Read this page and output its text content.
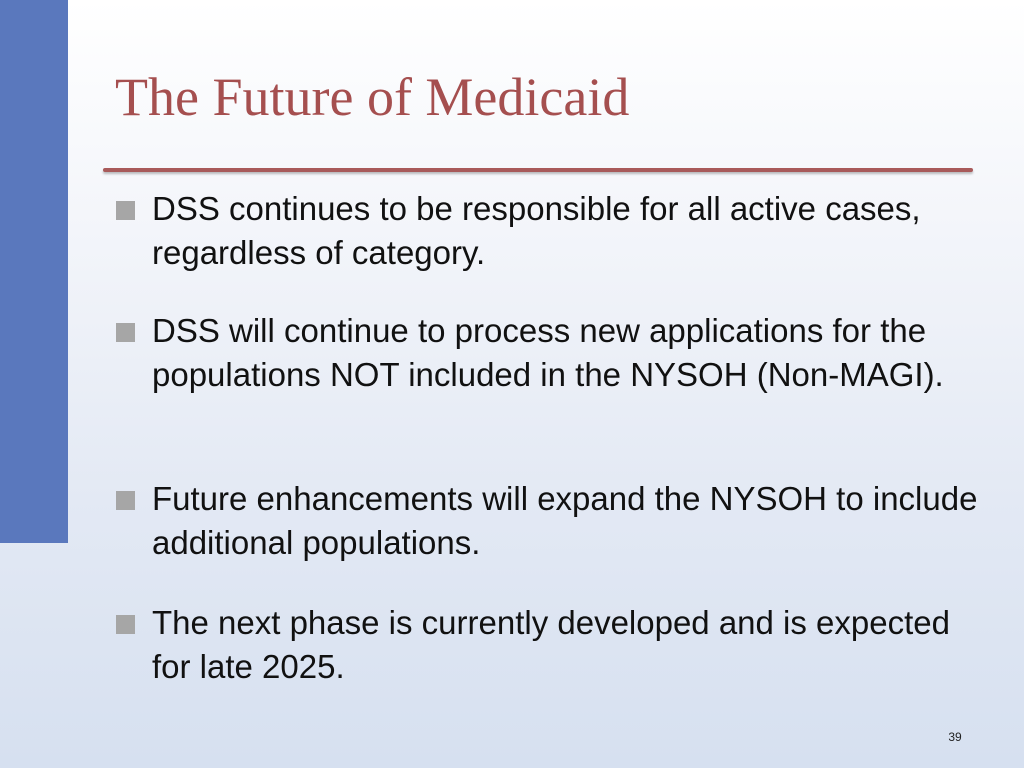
The Future of Medicaid
DSS continues to be responsible for all active cases, regardless of category.
DSS will continue to process new applications for the populations NOT included in the NYSOH (Non-MAGI).
Future enhancements will expand the NYSOH to include additional populations.
The next phase is currently developed and is expected for late 2025.
39
